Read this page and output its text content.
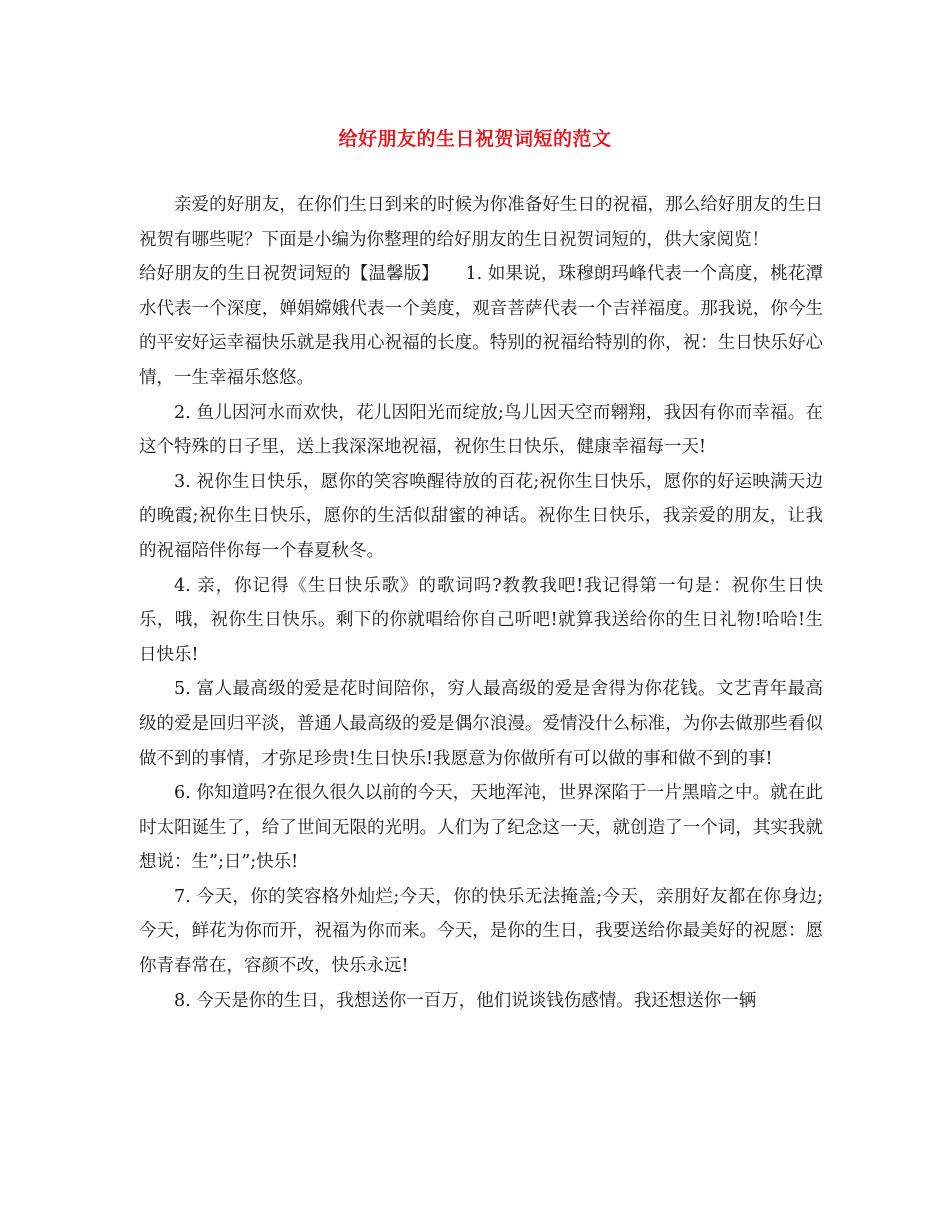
给好朋友的生日祝贺词短的范文

亲爱的好朋友，在你们生日到来的时候为你准备好生日的祝福，那么给好朋友的生日祝贺有哪些呢？下面是小编为你整理的给好朋友的生日祝贺词短的，供大家阅览！

给好朋友的生日祝贺词短的【温馨版】　　1. 如果说，珠穆朗玛峰代表一个高度，桃花潭水代表一个深度，婵娟嫦娥代表一个美度，观音菩萨代表一个吉祥福度。那我说，你今生的平安好运幸福快乐就是我用心祝福的长度。特别的祝福给特别的你，祝：生日快乐好心情，一生幸福乐悠悠。

2. 鱼儿因河水而欢快，花儿因阳光而绽放;鸟儿因天空而翱翔，我因有你而幸福。在这个特殊的日子里，送上我深深地祝福，祝你生日快乐，健康幸福每一天!

3. 祝你生日快乐，愿你的笑容唤醒待放的百花;祝你生日快乐，愿你的好运映满天边的晚霞;祝你生日快乐，愿你的生活似甜蜜的神话。祝你生日快乐，我亲爱的朋友，让我的祝福陪伴你每一个春夏秋冬。

4. 亲，你记得《生日快乐歌》的歌词吗?教教我吧!我记得第一句是：祝你生日快乐，哦，祝你生日快乐。剩下的你就唱给你自己听吧!就算我送给你的生日礼物!哈哈!生日快乐!

5. 富人最高级的爱是花时间陪你，穷人最高级的爱是舍得为你花钱。文艺青年最高级的爱是回归平淡，普通人最高级的爱是偶尔浪漫。爱情没什么标准，为你去做那些看似做不到的事情，才弥足珍贵!生日快乐!我愿意为你做所有可以做的事和做不到的事!

6. 你知道吗?在很久很久以前的今天，天地浑沌，世界深陷于一片黑暗之中。就在此时太阳诞生了，给了世间无限的光明。人们为了纪念这一天，就创造了一个词，其实我就想说：生”;日”;快乐!

7. 今天，你的笑容格外灿烂;今天，你的快乐无法掩盖;今天，亲朋好友都在你身边;今天，鲜花为你而开，祝福为你而来。今天，是你的生日，我要送给你最美好的祝愿：愿你青春常在，容颜不改，快乐永远!

8. 今天是你的生日，我想送你一百万，他们说谈钱伤感情。我还想送你一辆
